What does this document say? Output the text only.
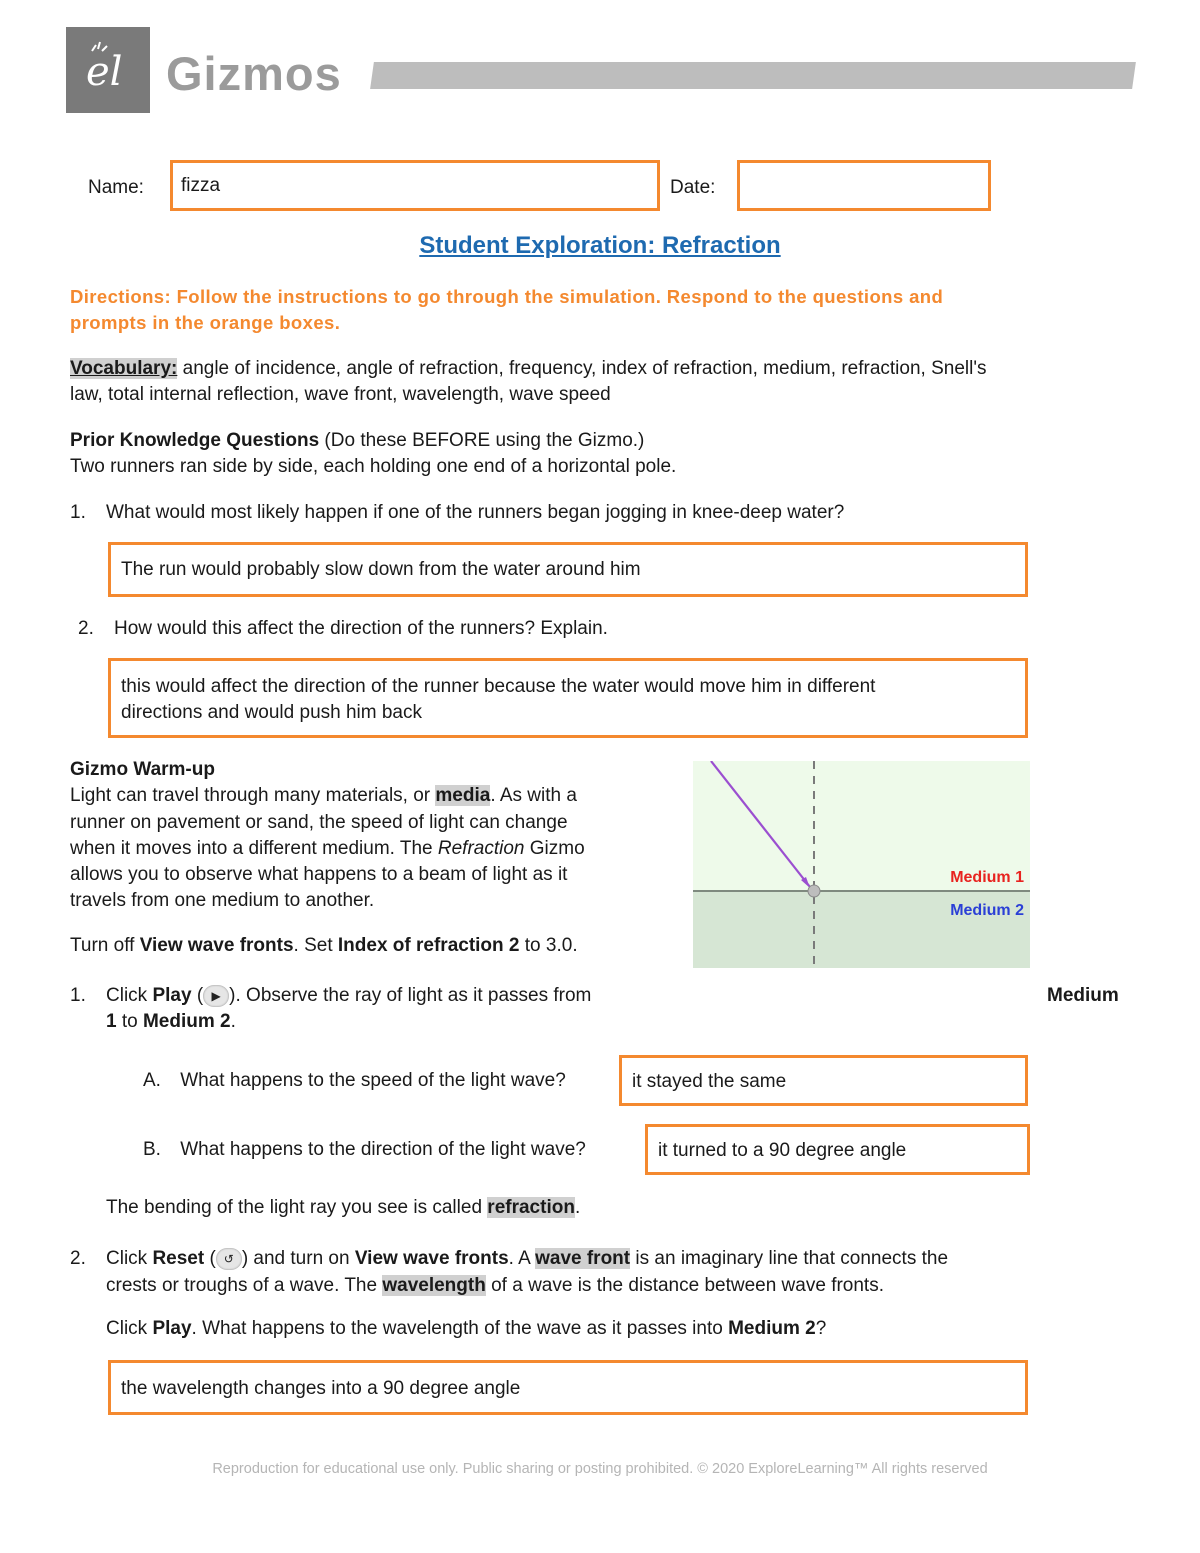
el Gizmos
Name:	fizza	Date:
Student Exploration: Refraction
Directions: Follow the instructions to go through the simulation. Respond to the questions and
prompts in the orange boxes.
Vocabulary: angle of incidence, angle of refraction, frequency, index of refraction, medium, refraction, Snell's
law, total internal reflection, wave front, wavelength, wave speed
Prior Knowledge Questions (Do these BEFORE using the Gizmo.)
Two runners ran side by side, each holding one end of a horizontal pole.
1. What would most likely happen if one of the runners began jogging in knee-deep water?
The run would probably slow down from the water around him
2. How would this affect the direction of the runners? Explain.
this would affect the direction of the runner because the water would move him in different
directions and would push him back
Gizmo Warm-up
Light can travel through many materials, or media. As with a
runner on pavement or sand, the speed of light can change
when it moves into a different medium. The Refraction Gizmo
allows you to observe what happens to a beam of light as it
travels from one medium to another.
Turn off View wave fronts. Set Index of refraction 2 to 3.0.
Medium 1
Medium 2
1. Click Play ( ▶ ). Observe the ray of light as it passes from	Medium
1 to Medium 2.
A. What happens to the speed of the light wave?	it stayed the same
B. What happens to the direction of the light wave?	it turned to a 90 degree angle
The bending of the light ray you see is called refraction.
2. Click Reset ( ↺ ) and turn on View wave fronts. A wave front is an imaginary line that connects the
crests or troughs of a wave. The wavelength of a wave is the distance between wave fronts.
Click Play. What happens to the wavelength of the wave as it passes into Medium 2?
the wavelength changes into a 90 degree angle
Reproduction for educational use only. Public sharing or posting prohibited. © 2020 ExploreLearning™ All rights reserved
